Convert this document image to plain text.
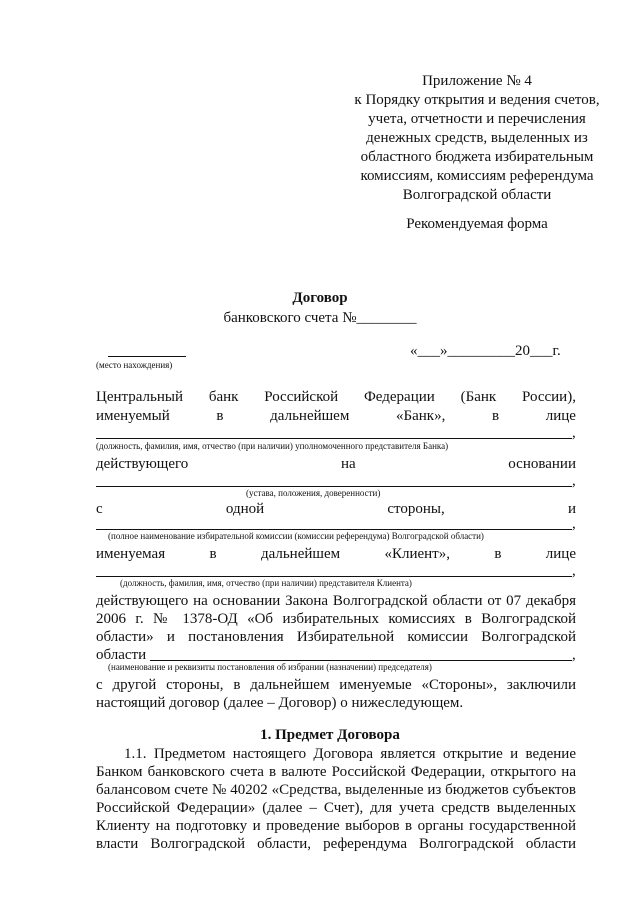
Приложение № 4
к Порядку открытия и ведения счетов,
учета, отчетности и перечисления
денежных средств, выделенных из
областного бюджета избирательным
комиссиям, комиссиям референдума
Волгоградской области
Рекомендуемая форма
Договор
банковского счета №________
(место нахождения)
«___»_________20___г.
Центральный банк Российской Федерации (Банк России),
именуемый	в	дальнейшем	«Банк»,	в	лице
,
(должность, фамилия, имя, отчество (при наличии) уполномоченного представителя Банка)
действующего	на	основании
,
(устава, положения, доверенности)
с	одной	стороны,	и
,
(полное наименование избирательной комиссии (комиссии референдума) Волгоградской области)
именуемая	в	дальнейшем	«Клиент»,	в	лице
,
(должность, фамилия, имя, отчество (при наличии) представителя Клиента)
действующего на основании Закона Волгоградской области от 07 декабря
2006 г. № 1378-ОД «Об избирательных комиссиях в Волгоградской
области» и постановления Избирательной комиссии Волгоградской
области	,
(наименование и реквизиты постановления об избрании (назначении) председателя)
с другой стороны, в дальнейшем именуемые «Стороны», заключили
настоящий договор (далее – Договор) о нижеследующем.
1. Предмет Договора
1.1. Предметом настоящего Договора является открытие и ведение
Банком банковского счета в валюте Российской Федерации, открытого на
балансовом счете № 40202 «Средства, выделенные из бюджетов субъектов
Российской Федерации» (далее – Счет), для учета средств выделенных
Клиенту на подготовку и проведение выборов в органы государственной
власти Волгоградской области, референдума Волгоградской области
